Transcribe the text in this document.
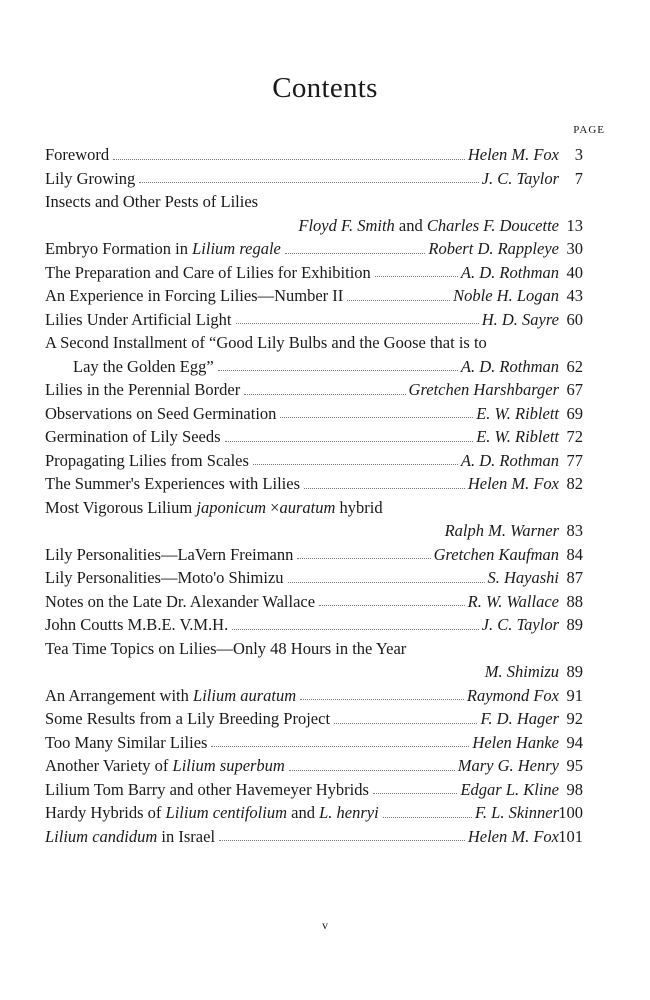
Contents
PAGE
Foreword	Helen M. Fox 3
Lily Growing	J. C. Taylor 7
Insects and Other Pests of Lilies
Floyd F. Smith and Charles F. Doucette 13
Embryo Formation in Lilium regale	Robert D. Rappleye 30
The Preparation and Care of Lilies for Exhibition	A. D. Rothman 40
An Experience in Forcing Lilies—Number II	Noble H. Logan 43
Lilies Under Artificial Light	H. D. Sayre 60
A Second Installment of “Good Lily Bulbs and the Goose that is to
Lay the Golden Egg”	A. D. Rothman 62
Lilies in the Perennial Border	Gretchen Harshbarger 67
Observations on Seed Germination	E. W. Riblett 69
Germination of Lily Seeds	E. W. Riblett 72
Propagating Lilies from Scales	A. D. Rothman 77
The Summer's Experiences with Lilies	Helen M. Fox 82
Most Vigorous Lilium japonicum ×auratum hybrid
Ralph M. Warner 83
Lily Personalities—LaVern Freimann	Gretchen Kaufman 84
Lily Personalities—Moto'o Shimizu	S. Hayashi 87
Notes on the Late Dr. Alexander Wallace	R. W. Wallace 88
John Coutts M.B.E. V.M.H.	J. C. Taylor 89
Tea Time Topics on Lilies—Only 48 Hours in the Year
M. Shimizu 89
An Arrangement with Lilium auratum	Raymond Fox 91
Some Results from a Lily Breeding Project	F. D. Hager 92
Too Many Similar Lilies	Helen Hanke 94
Another Variety of Lilium superbum	Mary G. Henry 95
Lilium Tom Barry and other Havemeyer Hybrids	Edgar L. Kline 98
Hardy Hybrids of Lilium centifolium and L. henryi	F. L. Skinner 100
Lilium candidum in Israel	Helen M. Fox 101
v
